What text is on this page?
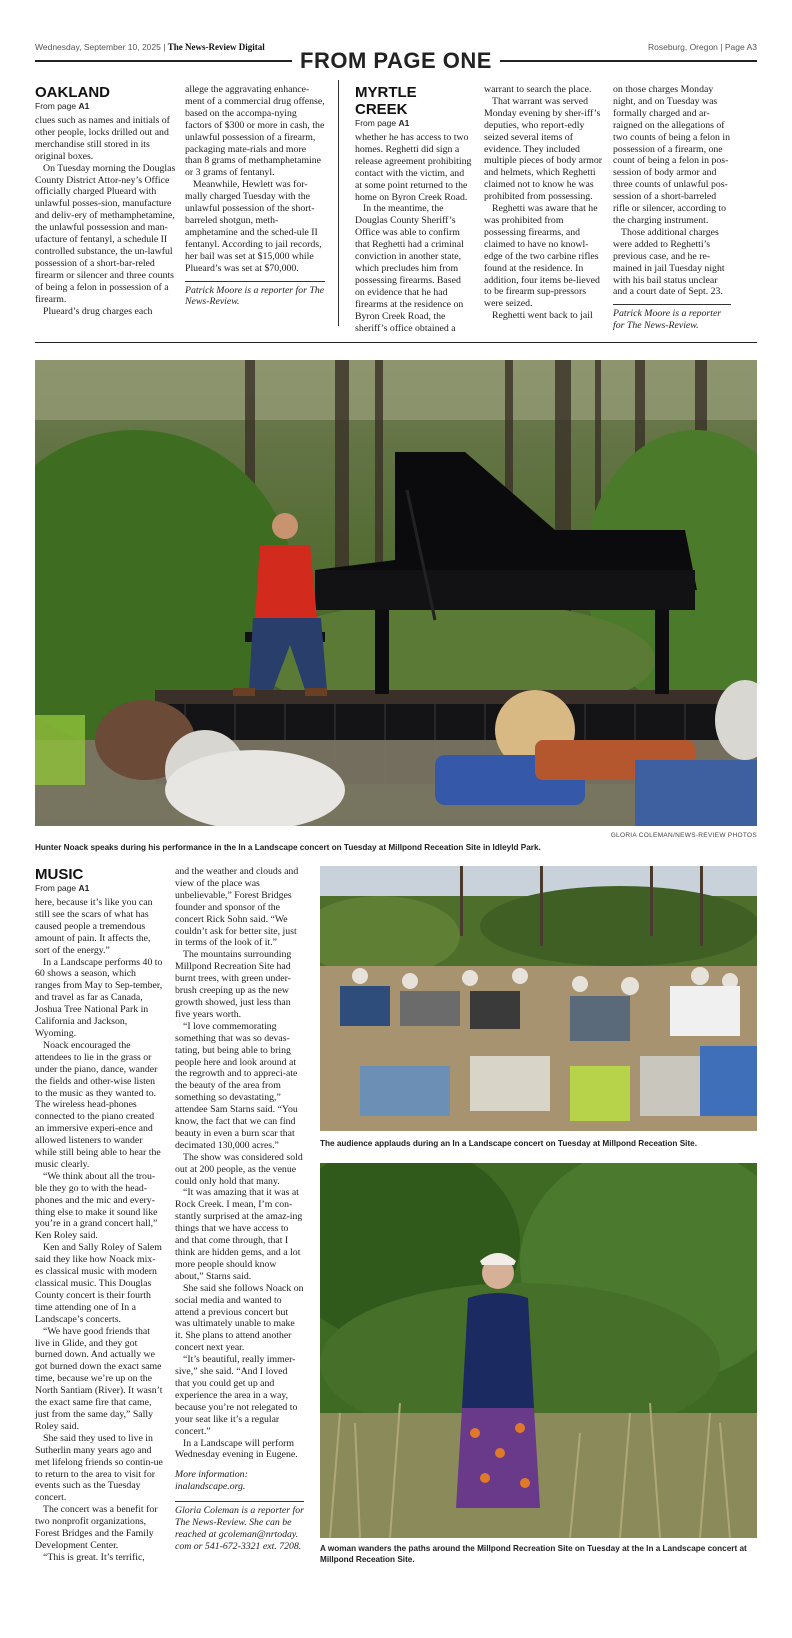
Wednesday, September 10, 2025 | The News-Review Digital	Roseburg, Oregon | Page A3
FROM PAGE ONE
OAKLAND
From page A1

clues such as names and initials of other people, locks drilled out and merchandise still stored in its original boxes.

On Tuesday morning the Douglas County District Attor-ney’s Office officially charged Plueard with unlawful posses-sion, manufacture and deliv-ery of methamphetamine, the unlawful possession and man-ufacture of fentanyl, a schedule II controlled substance, the un-lawful possession of a short-bar-reled firearm or silencer and three counts of being a felon in possession of a firearm.

Plueard’s drug charges each

allege the aggravating enhance-ment of a commercial drug offense, based on the accompa-nying factors of $300 or more in cash, the unlawful possession of a firearm, packaging mate-rials and more than 8 grams of methamphetamine or 3 grams of fentanyl.

Meanwhile, Hewlett was for-mally charged Tuesday with the unlawful possession of the short-barreled shotgun, meth-amphetamine and the sched-ule II fentanyl. According to jail records, her bail was set at $15,000 while Plueard’s was set at $70,000.

Patrick Moore is a reporter for The News-Review.
MYRTLE CREEK
From page A1

whether he has access to two homes. Reghetti did sign a release agreement prohibiting contact with the victim, and at some point returned to the home on Byron Creek Road.

In the meantime, the Douglas County Sheriff’s Office was able to confirm that Reghetti had a criminal conviction in another state, which precludes him from possessing firearms. Based on evidence that he had firearms at the residence on Byron Creek Road, the sheriff’s office obtained a

warrant to search the place.

That warrant was served Monday evening by sher-iff’s deputies, who report-edly seized several items of evidence. They included multiple pieces of body armor and helmets, which Reghetti claimed not to know he was prohibited from possessing.

Reghetti was aware that he was prohibited from possessing firearms, and claimed to have no knowl-edge of the two carbine rifles found at the residence. In addition, four items be-lieved to be firearm sup-pressors were seized.

Reghetti went back to jail

on those charges Monday night, and on Tuesday was formally charged and ar-raigned on the allegations of two counts of being a felon in possession of a firearm, one count of being a felon in pos-session of body armor and three counts of unlawful pos-session of a short-barreled rifle or silencer, according to the charging instrument.

Those additional charges were added to Reghetti’s previous case, and he re-mained in jail Tuesday night with his bail status unclear and a court date of Sept. 23.

Patrick Moore is a reporter for The News-Review.
GLORIA COLEMAN/NEWS-REVIEW PHOTOS
Hunter Noack speaks during his performance in the In a Landscape concert on Tuesday at Millpond Receation Site in Idleyld Park.
MUSIC
From page A1

here, because it’s like you can still see the scars of what has caused people a tremendous amount of pain. It affects the, sort of the energy.”

In a Landscape performs 40 to 60 shows a season, which ranges from May to Sep-tember, and travel as far as Canada, Joshua Tree National Park in California and Jackson, Wyoming.

Noack encouraged the attendees to lie in the grass or under the piano, dance, wander the fields and other-wise listen to the music as they wanted to. The wireless head-phones connected to the piano created an immersive experi-ence and allowed listeners to wander while still being able to hear the music clearly.

“We think about all the trou-ble they go to with the head-phones and the mic and every-thing else to make it sound like you’re in a grand concert hall,” Ken Roley said.

Ken and Sally Roley of Salem said they like how Noack mix-es classical music with modern classical music. This Douglas County concert is their fourth time attending one of In a Landscape’s concerts.

“We have good friends that live in Glide, and they got burned down. And actually we got burned down the exact same time, because we’re up on the North Santiam (River). It wasn’t the exact same fire that came, just from the same day,” Sally Roley said.

She said they used to live in Sutherlin many years ago and met lifelong friends so contin-ue to return to the area to visit for events such as the Tuesday concert.

The concert was a benefit for two nonprofit organizations, Forest Bridges and the Family Development Center.

“This is great. It’s terrific,

and the weather and clouds and view of the place was unbelievable,” Forest Bridges founder and sponsor of the concert Rick Sohn said. “We couldn’t ask for better site, just in terms of the look of it.”

The mountains surrounding Millpond Recreation Site had burnt trees, with green under-brush creeping up as the new growth showed, just less than five years worth.

“I love commemorating something that was so devas-tating, but being able to bring people here and look around at the regrowth and to appreci-ate the beauty of the area from something so devastating,” attendee Sam Starns said. “You know, the fact that we can find beauty in even a burn scar that decimated 130,000 acres.”

The show was considered sold out at 200 people, as the venue could only hold that many.

“It was amazing that it was at Rock Creek. I mean, I’m con-stantly surprised at the amaz-ing things that we have access to and that come through, that I think are hidden gems, and a lot more people should know about,” Starns said.

She said she follows Noack on social media and wanted to attend a previous concert but was ultimately unable to make it. She plans to attend another concert next year.

“It’s beautiful, really immer-sive,” she said. “And I loved that you could get up and experience the area in a way, because you’re not relegated to your seat like it’s a regular concert.”

In a Landscape will perform Wednesday evening in Eugene.

More information: inalandscape.org.
Gloria Coleman is a reporter for The News-Review. She can be reached at gcoleman@nrtoday. com or 541-672-3321 ext. 7208.
The audience applauds during an In a Landscape concert on Tuesday at Millpond Receation Site.
A woman wanders the paths around the Millpond Recreation Site on Tuesday at the In a Landscape concert at Millpond Receation Site.
